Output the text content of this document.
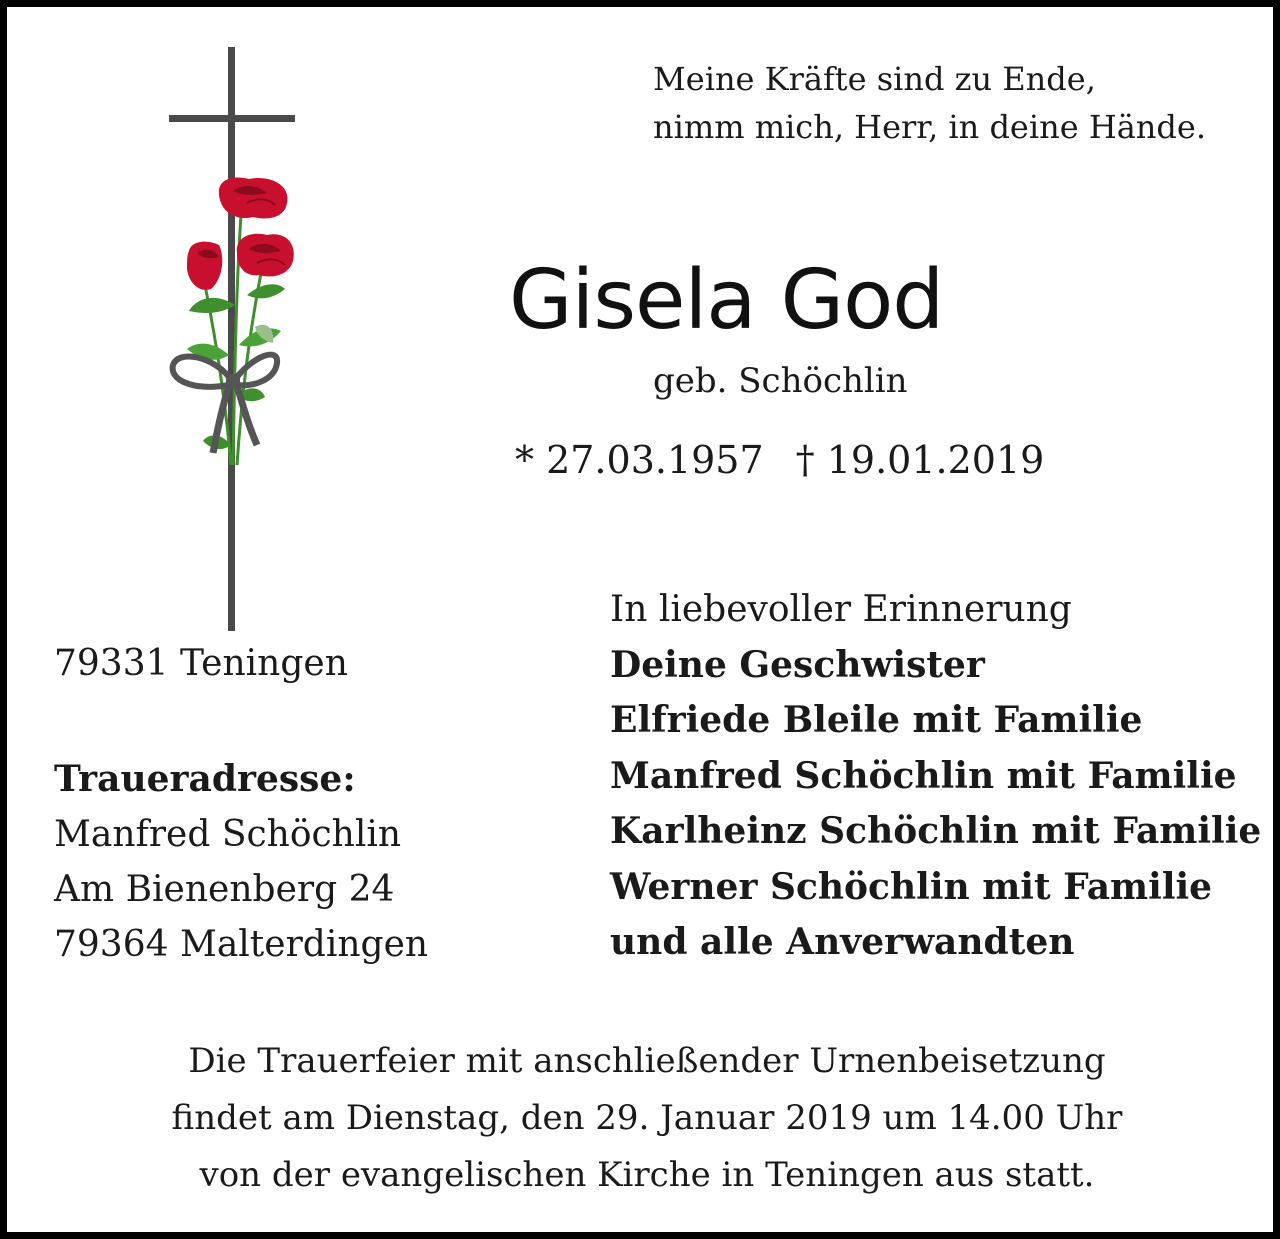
Meine Kräfte sind zu Ende,
nimm mich, Herr, in deine Hände.
Gisela God
geb. Schöchlin
* 27.03.1957 † 19.01.2019
79331 Teningen
Traueradresse:
Manfred Schöchlin
Am Bienenberg 24
79364 Malterdingen
In liebevoller Erinnerung
Deine Geschwister
Elfriede Bleile mit Familie
Manfred Schöchlin mit Familie
Karlheinz Schöchlin mit Familie
Werner Schöchlin mit Familie
und alle Anverwandten
Die Trauerfeier mit anschließender Urnenbeisetzung
findet am Dienstag, den 29. Januar 2019 um 14.00 Uhr
von der evangelischen Kirche in Teningen aus statt.
